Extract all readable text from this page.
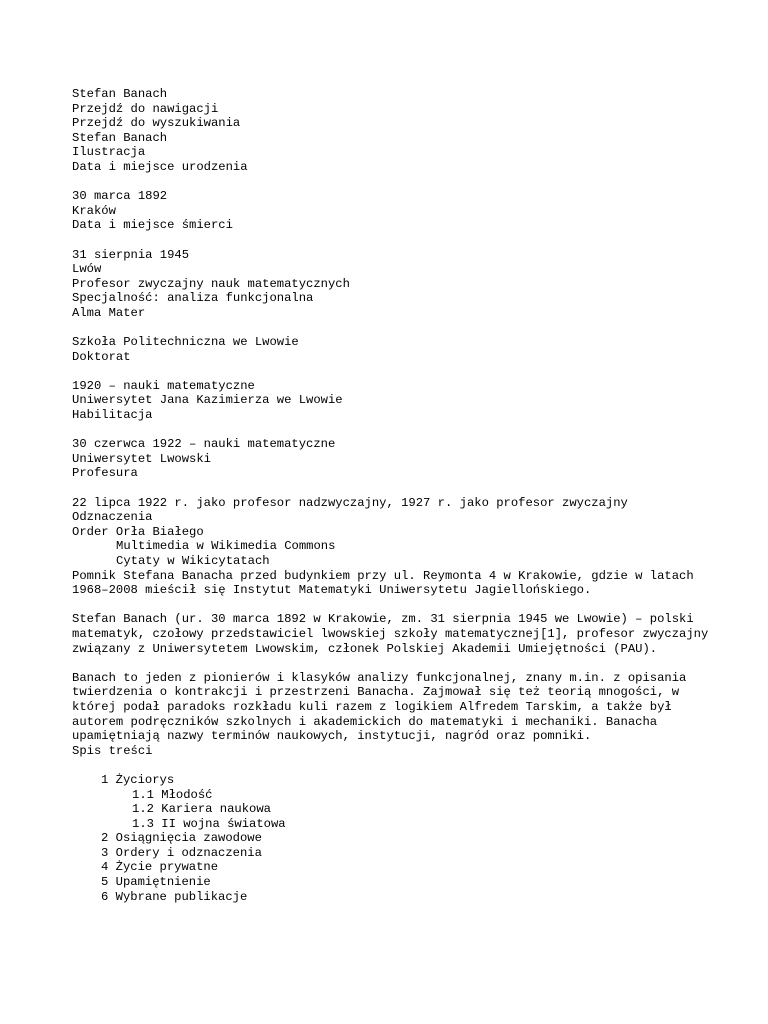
Stefan Banach
Przejdź do nawigacji
Przejdź do wyszukiwania
Stefan Banach
Ilustracja
Data i miejsce urodzenia
30 marca 1892
Kraków
Data i miejsce śmierci
31 sierpnia 1945
Lwów
Profesor zwyczajny nauk matematycznych
Specjalność: analiza funkcjonalna
Alma Mater
Szkoła Politechniczna we Lwowie
Doktorat
1920 – nauki matematyczne
Uniwersytet Jana Kazimierza we Lwowie
Habilitacja
30 czerwca 1922 – nauki matematyczne
Uniwersytet Lwowski
Profesura
22 lipca 1922 r. jako profesor nadzwyczajny, 1927 r. jako profesor zwyczajny
Odznaczenia
Order Orła Białego
Multimedia w Wikimedia Commons
Cytaty w Wikicytatach
Pomnik Stefana Banacha przed budynkiem przy ul. Reymonta 4 w Krakowie, gdzie w latach 1968–2008 mieścił się Instytut Matematyki Uniwersytetu Jagiellońskiego.
Stefan Banach (ur. 30 marca 1892 w Krakowie, zm. 31 sierpnia 1945 we Lwowie) – polski matematyk, czołowy przedstawiciel lwowskiej szkoły matematycznej[1], profesor zwyczajny związany z Uniwersytetem Lwowskim, członek Polskiej Akademii Umiejętności (PAU).
Banach to jeden z pionierów i klasyków analizy funkcjonalnej, znany m.in. z opisania twierdzenia o kontrakcji i przestrzeni Banacha. Zajmował się też teorią mnogości, w której podał paradoks rozkładu kuli razem z logikiem Alfredem Tarskim, a także był autorem podręczników szkolnych i akademickich do matematyki i mechaniki. Banacha upamiętniają nazwy terminów naukowych, instytucji, nagród oraz pomniki.
Spis treści
1 Życiorys
1.1 Młodość
1.2 Kariera naukowa
1.3 II wojna światowa
2 Osiągnięcia zawodowe
3 Ordery i odznaczenia
4 Życie prywatne
5 Upamiętnienie
6 Wybrane publikacje
